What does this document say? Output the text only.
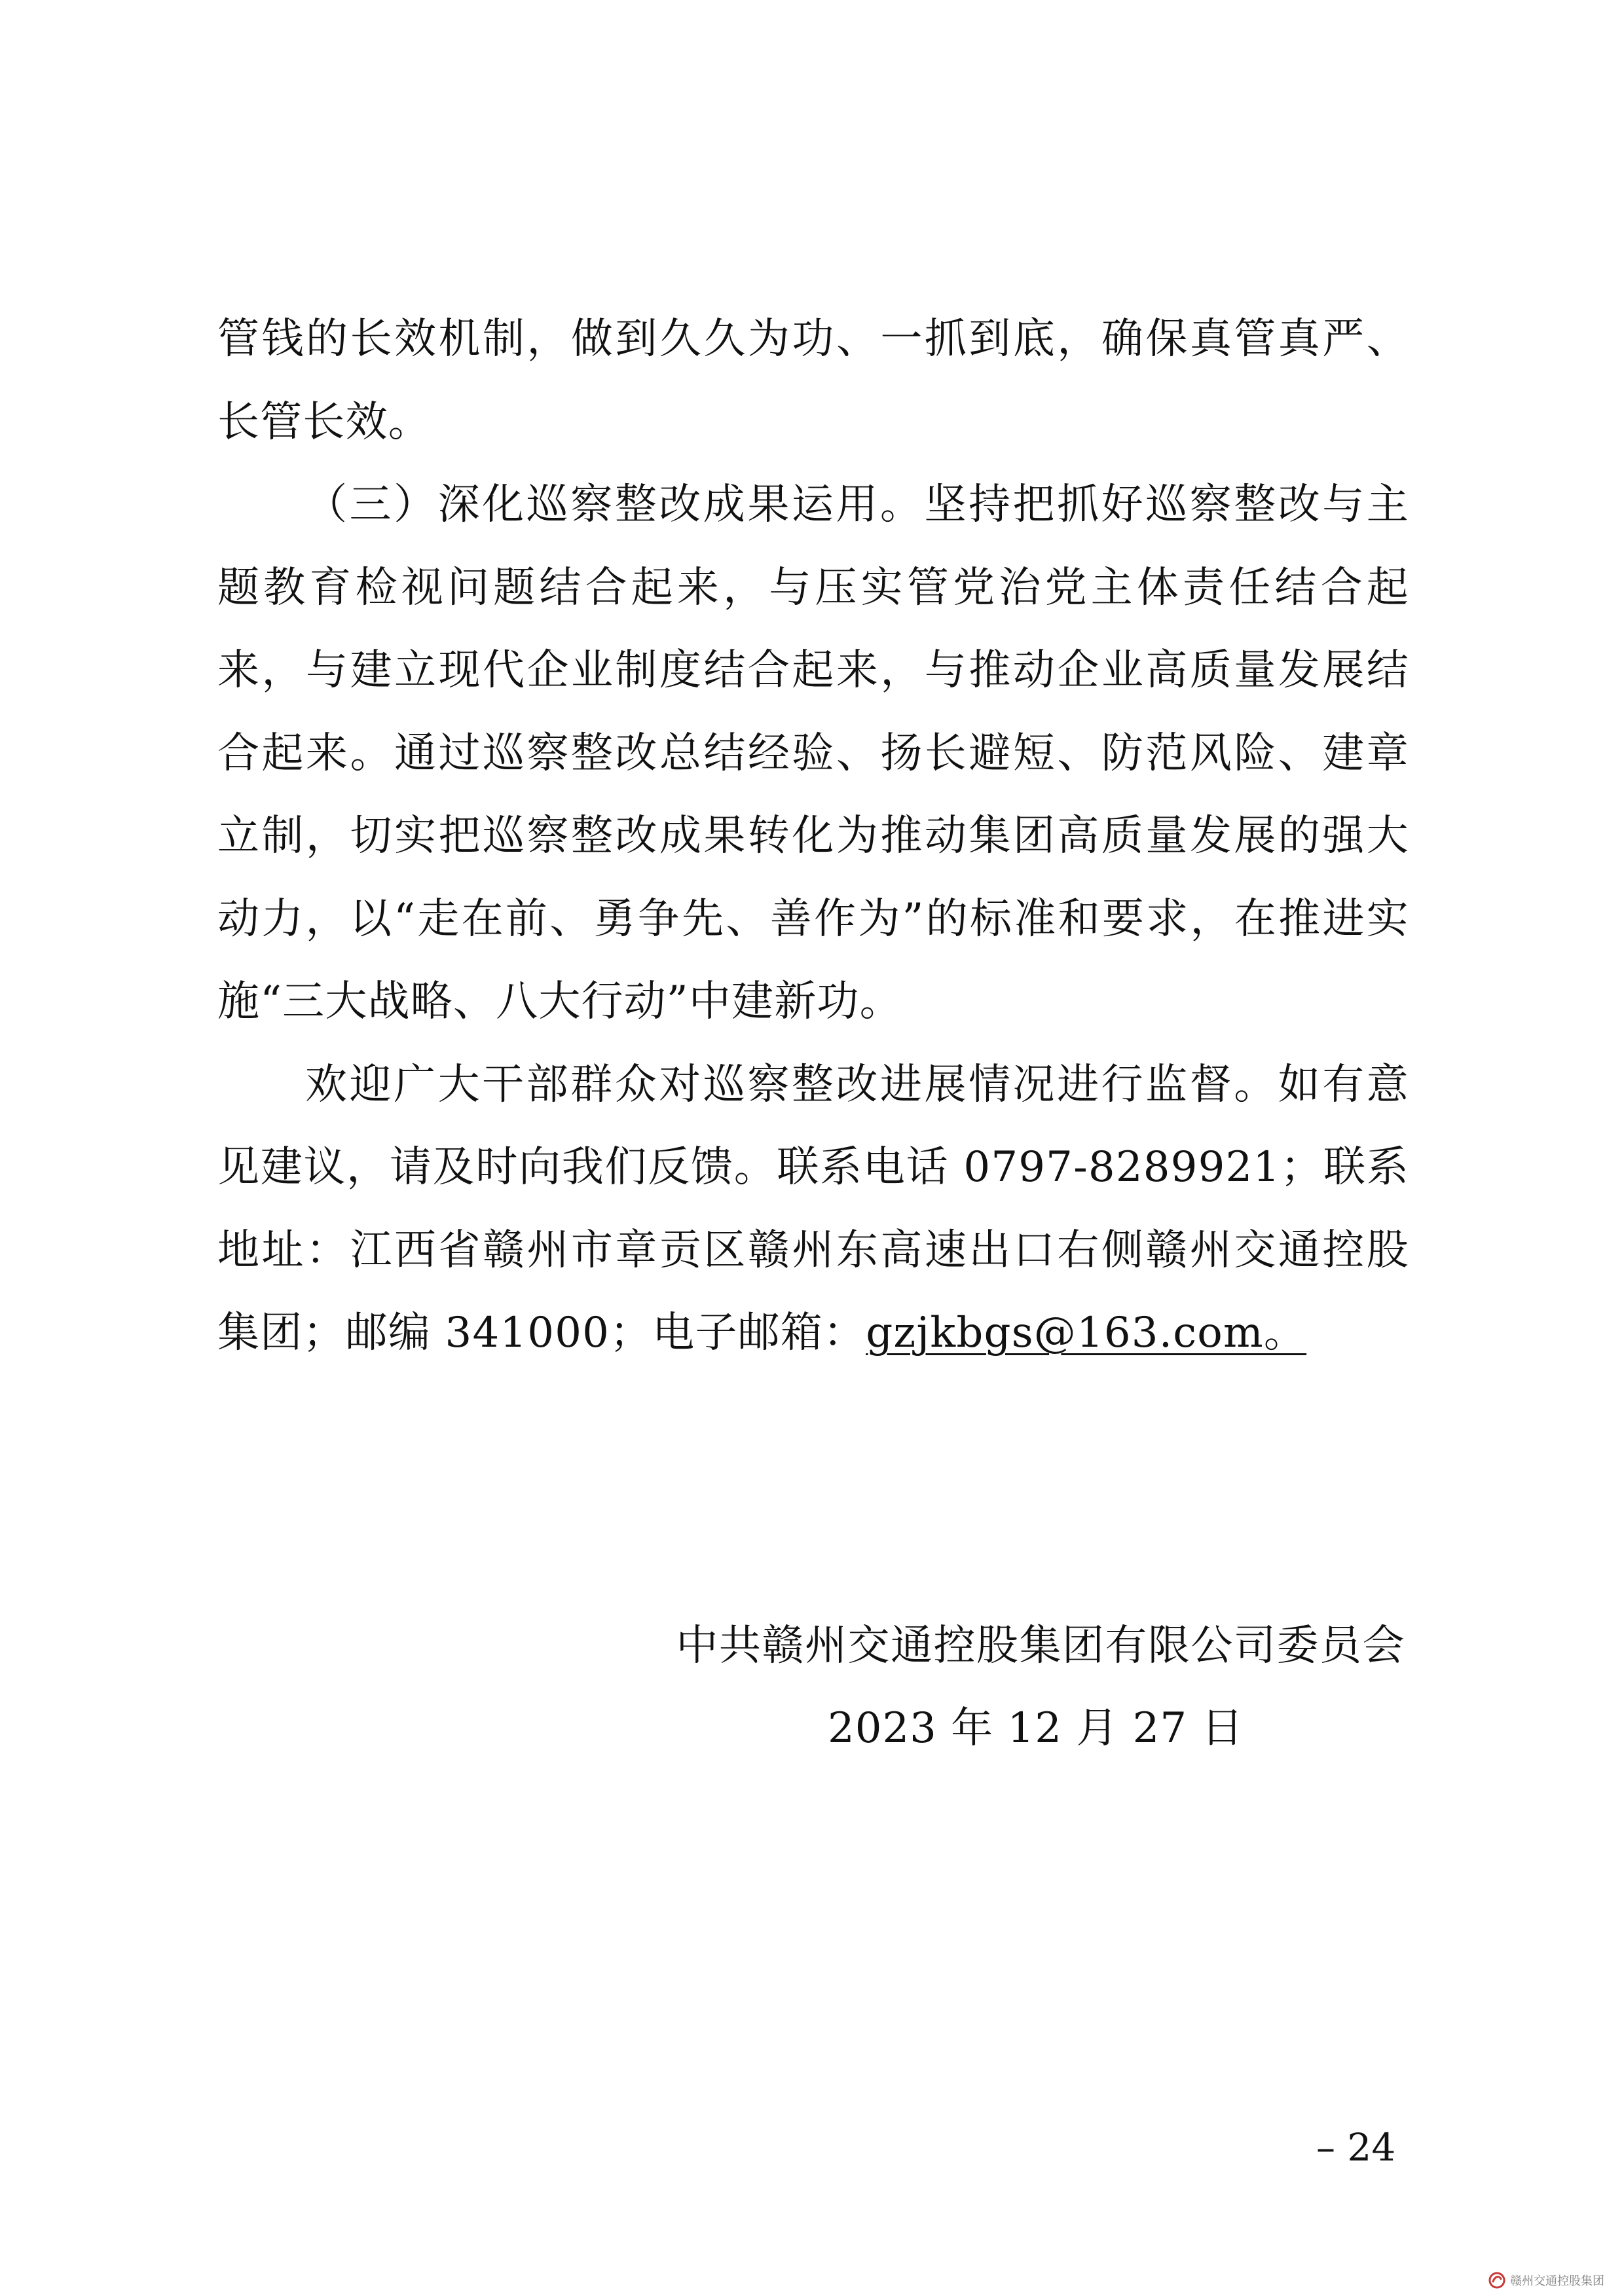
管钱的长效机制，做到久久为功、一抓到底，确保真管真严、长管长效。

（三）深化巡察整改成果运用。坚持把抓好巡察整改与主题教育检视问题结合起来，与压实管党治党主体责任结合起来，与建立现代企业制度结合起来，与推动企业高质量发展结合起来。通过巡察整改总结经验、扬长避短、防范风险、建章立制，切实把巡察整改成果转化为推动集团高质量发展的强大动力，以“走在前、勇争先、善作为”的标准和要求，在推进实施“三大战略、八大行动”中建新功。

欢迎广大干部群众对巡察整改进展情况进行监督。如有意见建议，请及时向我们反馈。联系电话 0797-8289921；联系地址：江西省赣州市章贡区赣州东高速出口右侧赣州交通控股集团；邮编 341000；电子邮箱：gzjkbgs@163.com。

中共赣州交通控股集团有限公司委员会
2023 年 12 月 27 日
– 24
赣州交通控股集团
